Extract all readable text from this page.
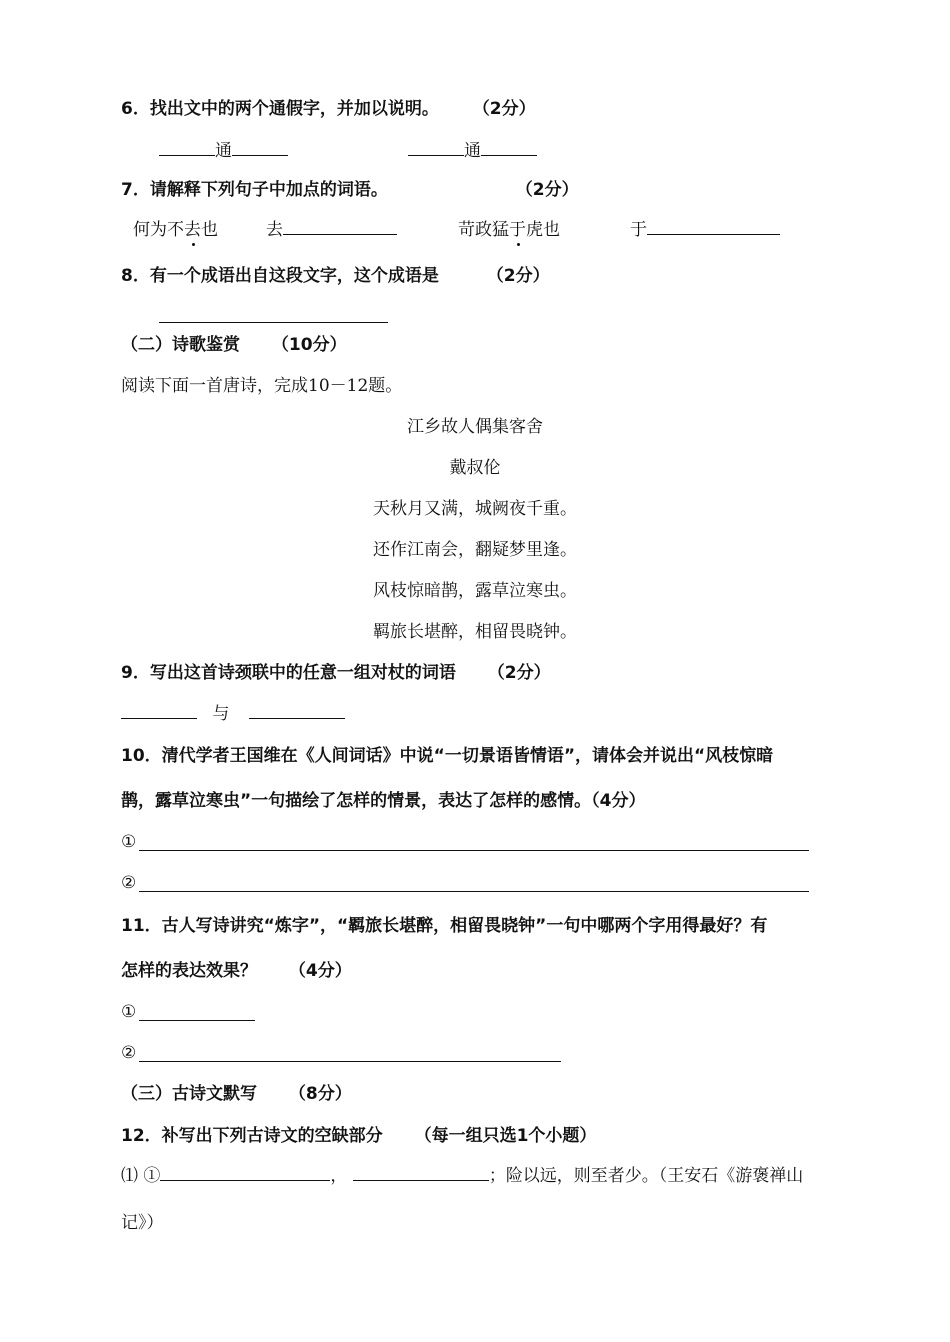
6．找出文中的两个通假字，并加以说明。 （2分）
通	通
7．请解释下列句子中加点的词语。	（2分）
何为不去也	去	苛政猛于虎也	于
8．有一个成语出自这段文字，这个成语是	（2分）
（二）诗歌鉴赏 （10分）
阅读下面一首唐诗，完成10－12题。
江乡故人偶集客舍
戴叔伦
天秋月又满，城阙夜千重。
还作江南会，翻疑梦里逢。
风枝惊暗鹊，露草泣寒虫。
羁旅长堪醉，相留畏晓钟。
9．写出这首诗颈联中的任意一组对杖的词语 （2分）
与
10．清代学者王国维在《人间词话》中说“一切景语皆情语”，请体会并说出“风枝惊暗
鹊，露草泣寒虫”一句描绘了怎样的情景，表达了怎样的感情。（4分）
①
②
11．古人写诗讲究“炼字”，“羁旅长堪醉，相留畏晓钟”一句中哪两个字用得最好？有
怎样的表达效果？ （4分）
①
②
（三）古诗文默写 （8分）
12．补写出下列古诗文的空缺部分 （每一组只选1个小题）
⑴ ①	，	；险以远，则至者少。（王安石《游褒禅山
记》）
